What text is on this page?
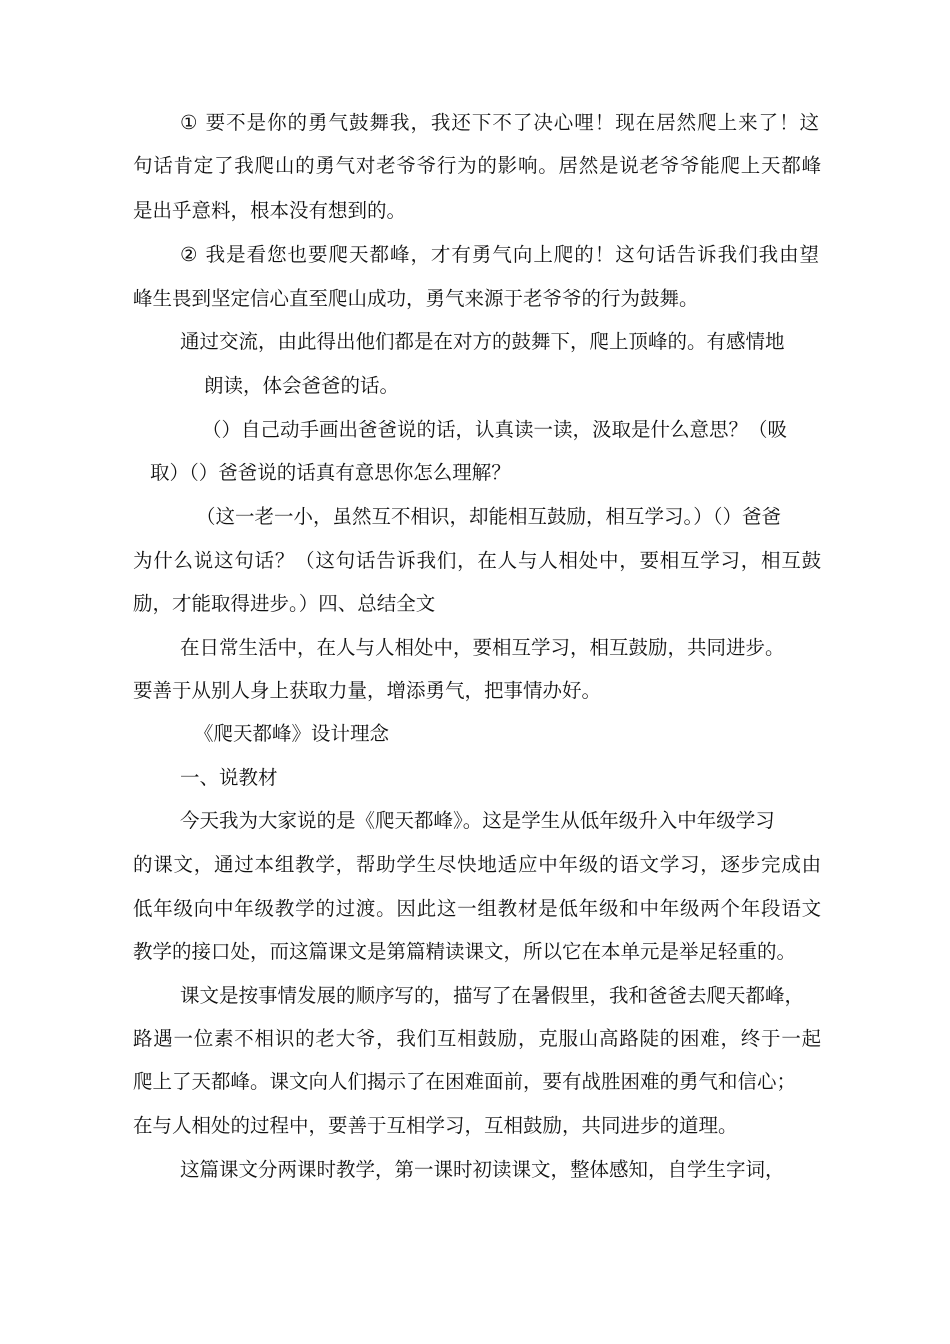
① 要不是你的勇气鼓舞我，我还下不了决心哩！现在居然爬上来了！这
句话肯定了我爬山的勇气对老爷爷行为的影响。居然是说老爷爷能爬上天都峰
是出乎意料，根本没有想到的。
② 我是看您也要爬天都峰，才有勇气向上爬的！这句话告诉我们我由望
峰生畏到坚定信心直至爬山成功，勇气来源于老爷爷的行为鼓舞。
通过交流，由此得出他们都是在对方的鼓舞下，爬上顶峰的。有感情地
朗读，体会爸爸的话。
（）自己动手画出爸爸说的话，认真读一读，汲取是什么意思？（吸
取）（）爸爸说的话真有意思你怎么理解？
（这一老一小，虽然互不相识，却能相互鼓励，相互学习。）（）爸爸
为什么说这句话？（这句话告诉我们，在人与人相处中，要相互学习，相互鼓
励，才能取得进步。）四、总结全文
在日常生活中，在人与人相处中，要相互学习，相互鼓励，共同进步。
要善于从别人身上获取力量，增添勇气，把事情办好。
《爬天都峰》设计理念
一、说教材
今天我为大家说的是《爬天都峰》。这是学生从低年级升入中年级学习
的课文，通过本组教学，帮助学生尽快地适应中年级的语文学习，逐步完成由
低年级向中年级教学的过渡。因此这一组教材是低年级和中年级两个年段语文
教学的接口处，而这篇课文是第篇精读课文，所以它在本单元是举足轻重的。
课文是按事情发展的顺序写的，描写了在暑假里，我和爸爸去爬天都峰，
路遇一位素不相识的老大爷，我们互相鼓励，克服山高路陡的困难，终于一起
爬上了天都峰。课文向人们揭示了在困难面前，要有战胜困难的勇气和信心；
在与人相处的过程中，要善于互相学习，互相鼓励，共同进步的道理。
这篇课文分两课时教学，第一课时初读课文，整体感知，自学生字词，
